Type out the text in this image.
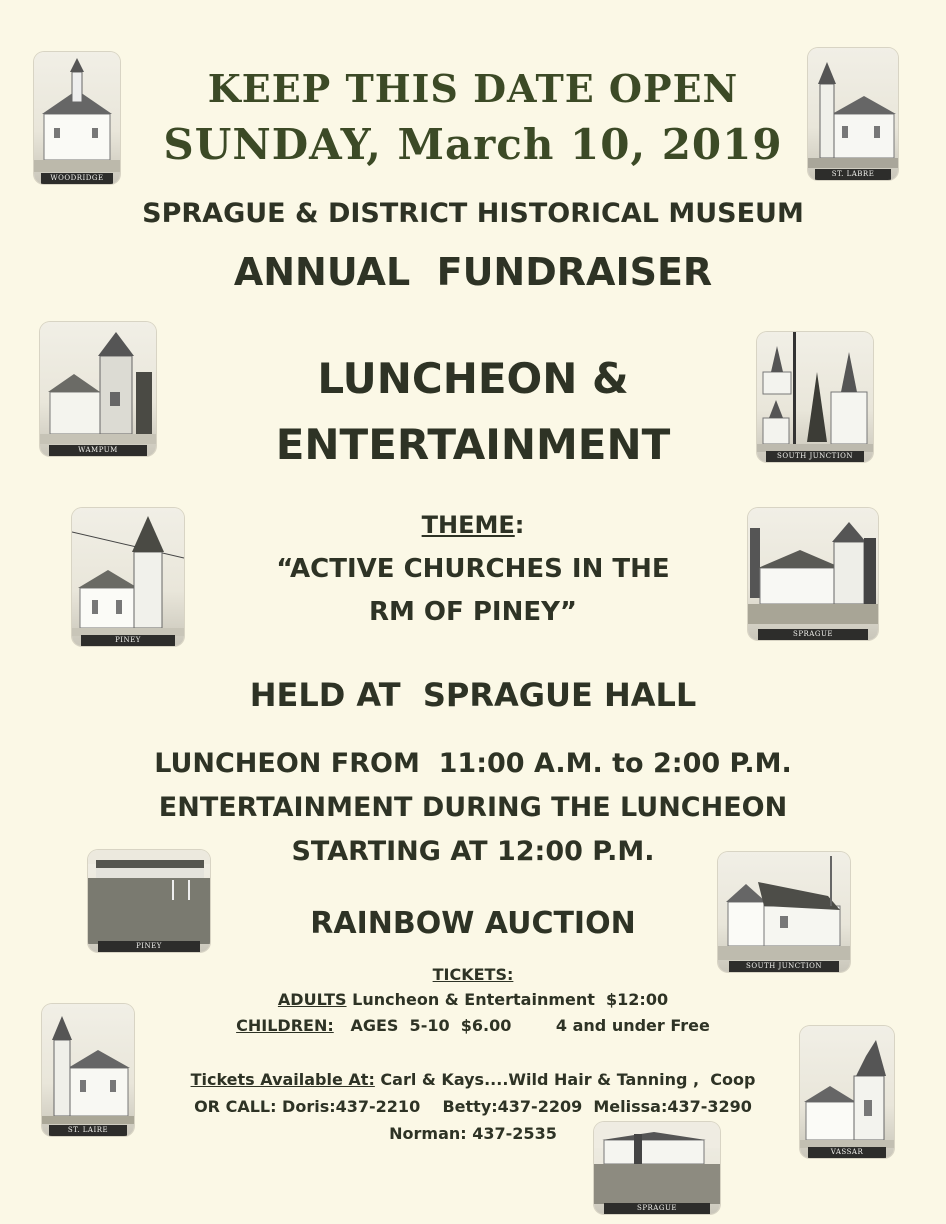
KEEP THIS DATE OPEN
SUNDAY, March 10, 2019
SPRAGUE & DISTRICT HISTORICAL MUSEUM
ANNUAL  FUNDRAISER
LUNCHEON &
ENTERTAINMENT
THEME:
“ACTIVE CHURCHES IN THE
RM OF PINEY”
HELD AT  SPRAGUE HALL
LUNCHEON FROM  11:00 A.M. to 2:00 P.M.
ENTERTAINMENT DURING THE LUNCHEON
STARTING AT 12:00 P.M.
RAINBOW AUCTION
TICKETS:
ADULTS Luncheon & Entertainment  $12:00
CHILDREN:   AGES  5-10  $6.00        4 and under Free
Tickets Available At: Carl & Kays....Wild Hair & Tanning ,  Coop
OR CALL: Doris:437-2210    Betty:437-2209  Melissa:437-3290
Norman: 437-2535
WOODRIDGE	ST. LABRE
WAMPUM
SOUTH JUNCTION
PINEY
SPRAGUE
PINEY
SOUTH JUNCTION
ST. LAIRE
VASSAR
SPRAGUE
